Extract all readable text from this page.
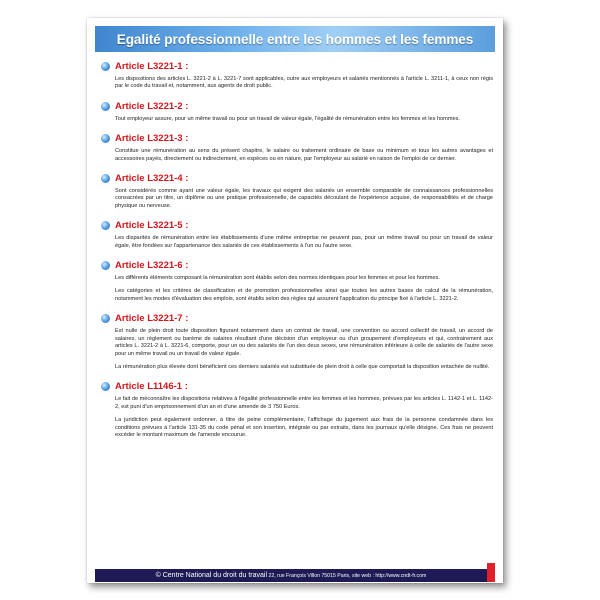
Egalité professionnelle entre les hommes et les femmes
Article L3221-1 :

Les dispositions des articles L. 3221-2 à L. 3221-7 sont applicables, outre aux employeurs et salariés mentionnés à l'article L. 3211-1, à ceux non régis par le code du travail et, notamment, aux agents de droit public.

Article L3221-2 :

Tout employeur assure, pour un même travail ou pour un travail de valeur égale, l'égalité de rémunération entre les femmes et les hommes.

Article L3221-3 :

Constitue une rémunération au sens du présent chapitre, le salaire ou traitement ordinaire de base ou minimum et tous les autres avantages et accessoires payés, directement ou indirectement, en espèces ou en nature, par l'employeur au salarié en raison de l'emploi de ce dernier.

Article L3221-4 :

Sont considérés comme ayant une valeur égale, les travaux qui exigent des salariés un ensemble comparable de connaissances professionnelles consacrées par un titre, un diplôme ou une pratique professionnelle, de capacités découlant de l'expérience acquise, de responsabilités et de charge physique ou nerveuse.

Article L3221-5 :

Les disparités de rémunération entre les établissements d'une même entreprise ne peuvent pas, pour un même travail ou pour un travail de valeur égale, être fondées sur l'appartenance des salariés de ces établissements à l'un ou l'autre sexe.

Article L3221-6 :

Les différents éléments composant la rémunération sont établis selon des normes identiques pour les femmes et pour les hommes.

Les catégories et les critères de classification et de promotion professionnelles ainsi que toutes les autres bases de calcul de la rémunération, notamment les modes d'évaluation des emplois, sont établis selon des règles qui assurent l'application du principe fixé à l'article L. 3221-2.

Article L3221-7 :

Est nulle de plein droit toute disposition figurant notamment dans un contrat de travail, une convention ou accord collectif de travail, un accord de salaires, un règlement ou barème de salaires résultant d'une décision d'un employeur ou d'un groupement d'employeurs et qui, contrairement aux articles L. 3221-2 à L. 3221-6, comporte, pour un ou des salariés de l'un des deux sexes, une rémunération inférieure à celle de salariés de l'autre sexe pour un même travail ou un travail de valeur égale.

La rémunération plus élevée dont bénéficient ces derniers salariés est substituée de plein droit à celle que comportait la disposition entachée de nullité.

Article L1146-1 :

Le fait de méconnaître les dispositions relatives à l'égalité professionnelle entre les femmes et les hommes, prévues par les articles L. 1142-1 et L. 1142-2, est puni d'un emprisonnement d'un an et d'une amende de 3 750 Euros.

La juridiction peut également ordonner, à titre de peine complémentaire, l'affichage du jugement aux frais de la personne condamnée dans les conditions prévues à l'article 131-35 du code pénal et son insertion, intégrale ou par extraits, dans les journaux qu'elle désigne. Ces frais ne peuvent excéder le montant maximum de l'amende encourue.

© Centre National du droit du travail 22, rue François Villon 75015 Paris, site web : http://www.cndt-fr.com
